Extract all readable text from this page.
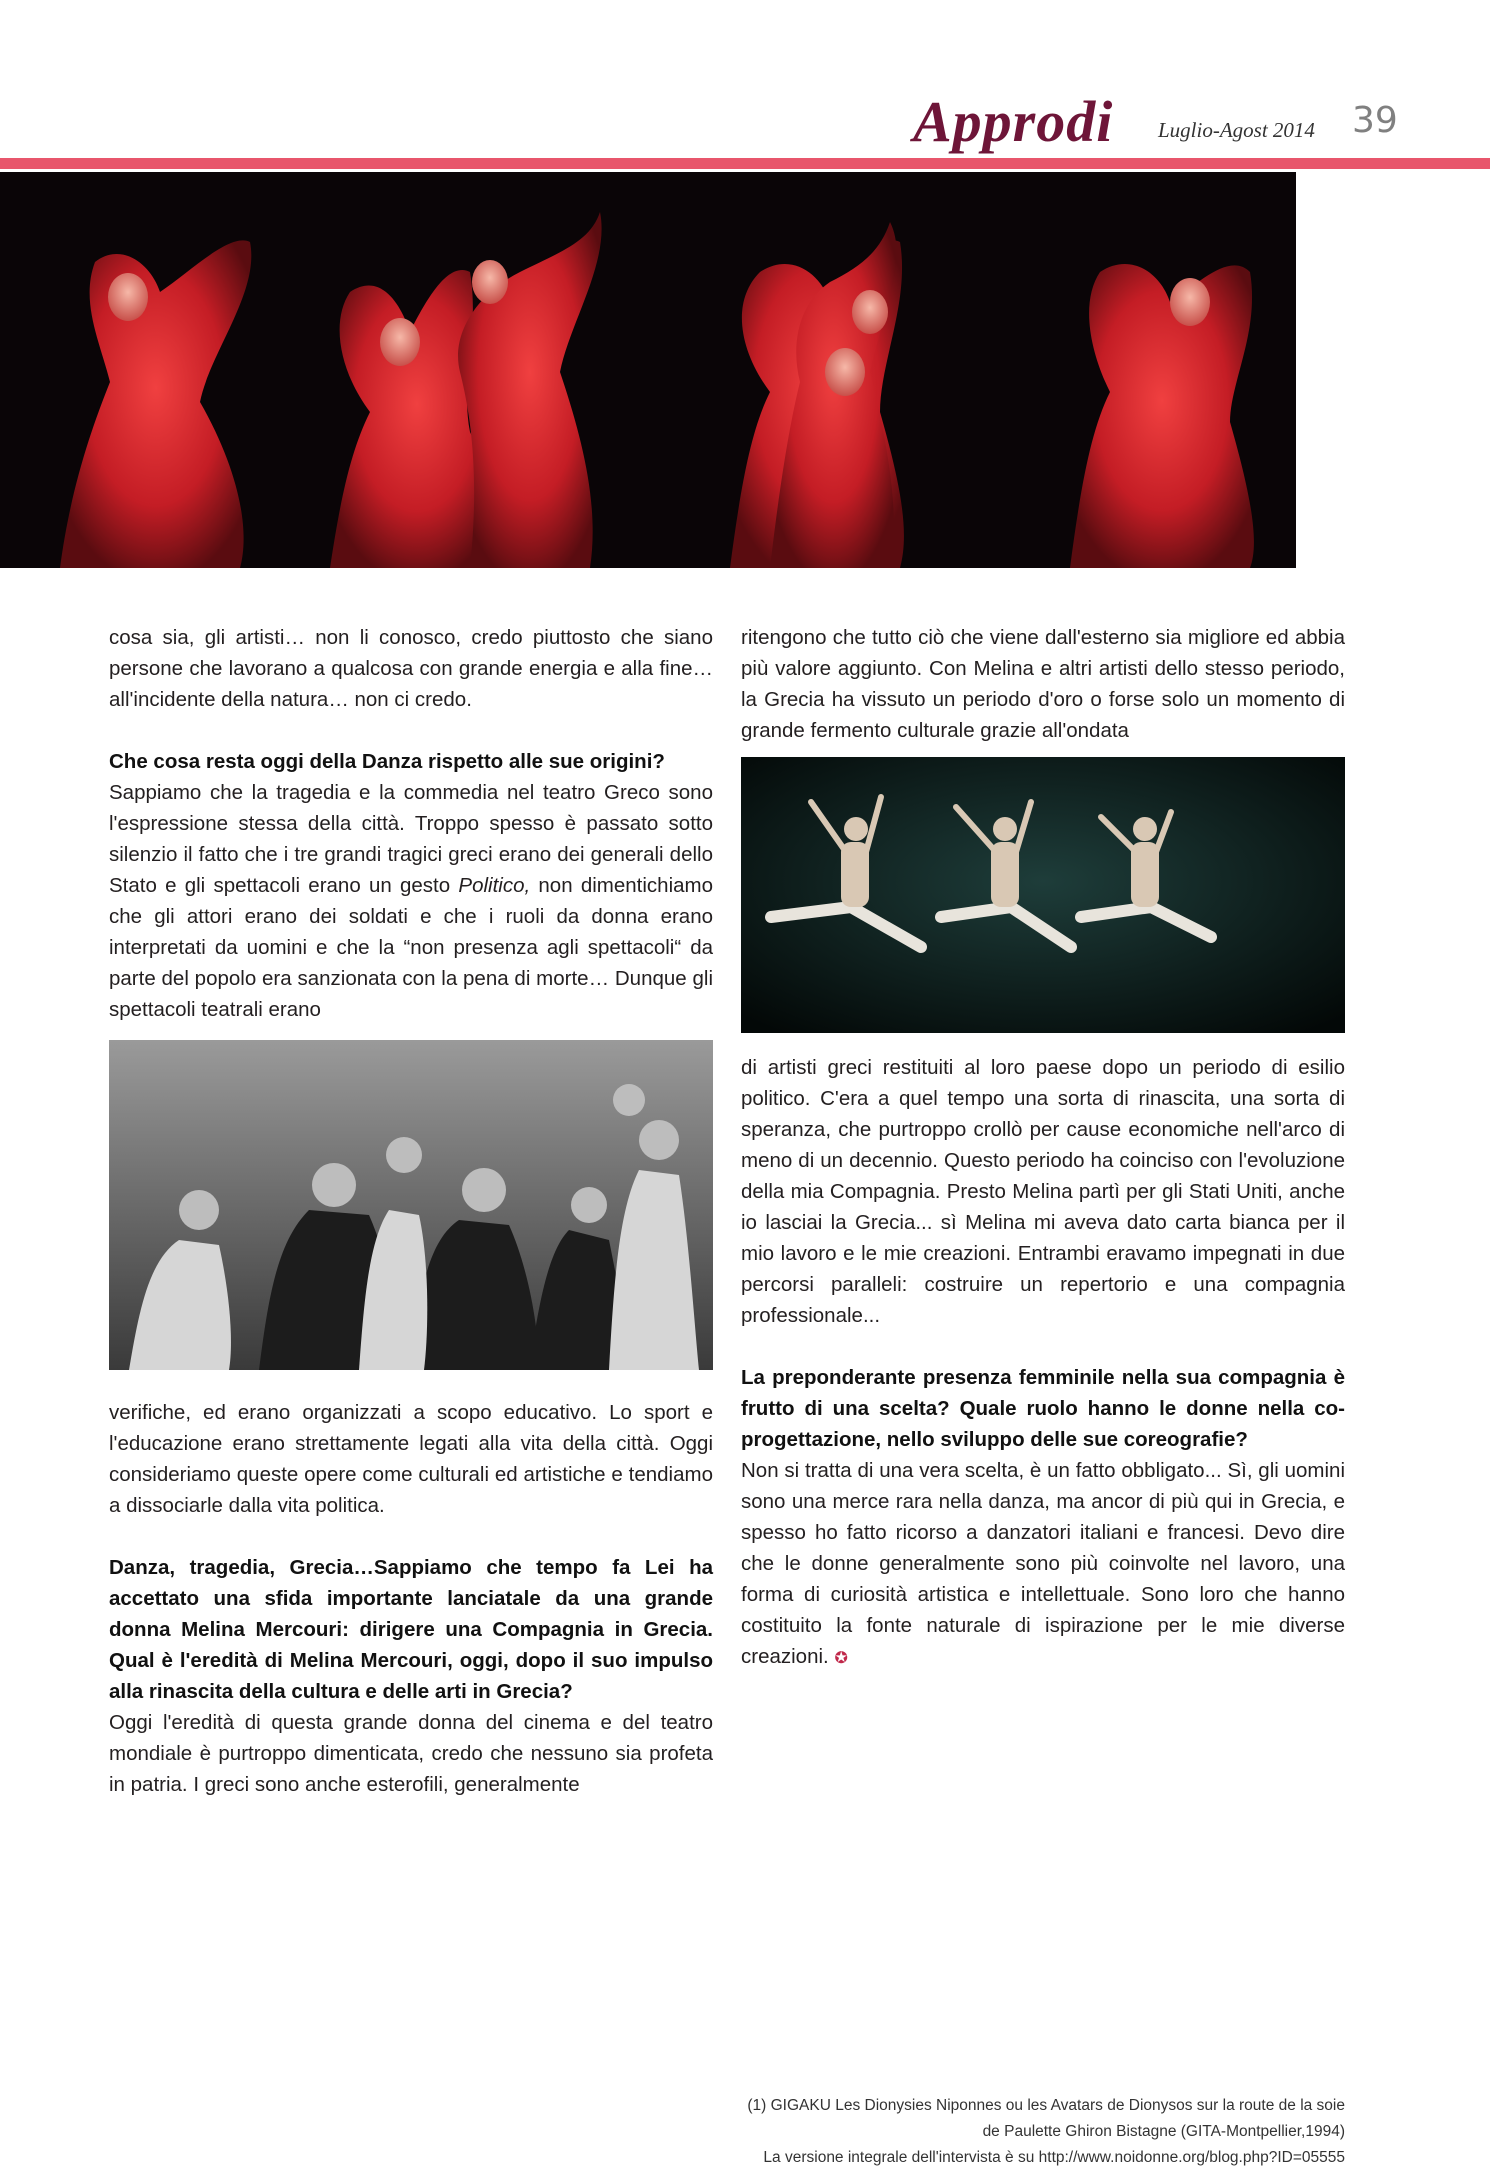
Approdi Luglio-Agost 2014 39

cosa sia, gli artisti… non li conosco, credo piuttosto che siano persone che lavorano a qualcosa con grande energia e alla fine…all'incidente della natura… non ci credo.

Che cosa resta oggi della Danza rispetto alle sue origini?

Sappiamo che la tragedia e la commedia nel teatro Greco sono l'espressione stessa della città. Troppo spesso è passato sotto silenzio il fatto che i tre grandi tragici greci erano dei generali dello Stato e gli spettacoli erano un gesto Politico, non dimentichiamo che gli attori erano dei soldati e che i ruoli da donna erano interpretati da uomini e che la “non presenza agli spettacoli“ da parte del popolo era sanzionata con la pena di morte… Dunque gli spettacoli teatrali erano

verifiche, ed erano organizzati a scopo educativo. Lo sport e l'educazione erano strettamente legati alla vita della città. Oggi consideriamo queste opere come culturali ed artistiche e tendiamo a dissociarle dalla vita politica.

Danza, tragedia, Grecia…Sappiamo che tempo fa Lei ha accettato una sfida importante lanciatale da una grande donna Melina Mercouri: dirigere una Compagnia in Grecia. Qual è l'eredità di Melina Mercouri, oggi, dopo il suo impulso alla rinascita della cultura e delle arti in Grecia?

Oggi l'eredità di questa grande donna del cinema e del teatro mondiale è purtroppo dimenticata, credo che nessuno sia profeta in patria. I greci sono anche esterofili, generalmente

ritengono che tutto ciò che viene dall'esterno sia migliore ed abbia più valore aggiunto. Con Melina e altri artisti dello stesso periodo, la Grecia ha vissuto un periodo d'oro o forse solo un momento di grande fermento culturale grazie all'ondata

di artisti greci restituiti al loro paese dopo un periodo di esilio politico. C'era a quel tempo una sorta di rinascita, una sorta di speranza, che purtroppo crollò per cause economiche nell'arco di meno di un decennio. Questo periodo ha coinciso con l'evoluzione della mia Compagnia. Presto Melina partì per gli Stati Uniti, anche io lasciai la Grecia... sì Melina mi aveva dato carta bianca per il mio lavoro e le mie creazioni. Entrambi eravamo impegnati in due percorsi paralleli: costruire un repertorio e una compagnia professionale...

La preponderante presenza femminile nella sua compagnia è frutto di una scelta? Quale ruolo hanno le donne nella co-progettazione, nello sviluppo delle sue coreografie?

Non si tratta di una vera scelta, è un fatto obbligato... Sì, gli uomini sono una merce rara nella danza, ma ancor di più qui in Grecia, e spesso ho fatto ricorso a danzatori italiani e francesi. Devo dire che le donne generalmente sono più coinvolte nel lavoro, una forma di curiosità artistica e intellettuale. Sono loro che hanno costituito la fonte naturale di ispirazione per le mie diverse creazioni. ✪

(1) GIGAKU Les Dionysies Niponnes ou les Avatars de Dionysos sur la route de la soie de Paulette Ghiron Bistagne (GITA-Montpellier,1994)
La versione integrale dell'intervista è su http://www.noidonne.org/blog.php?ID=05555
